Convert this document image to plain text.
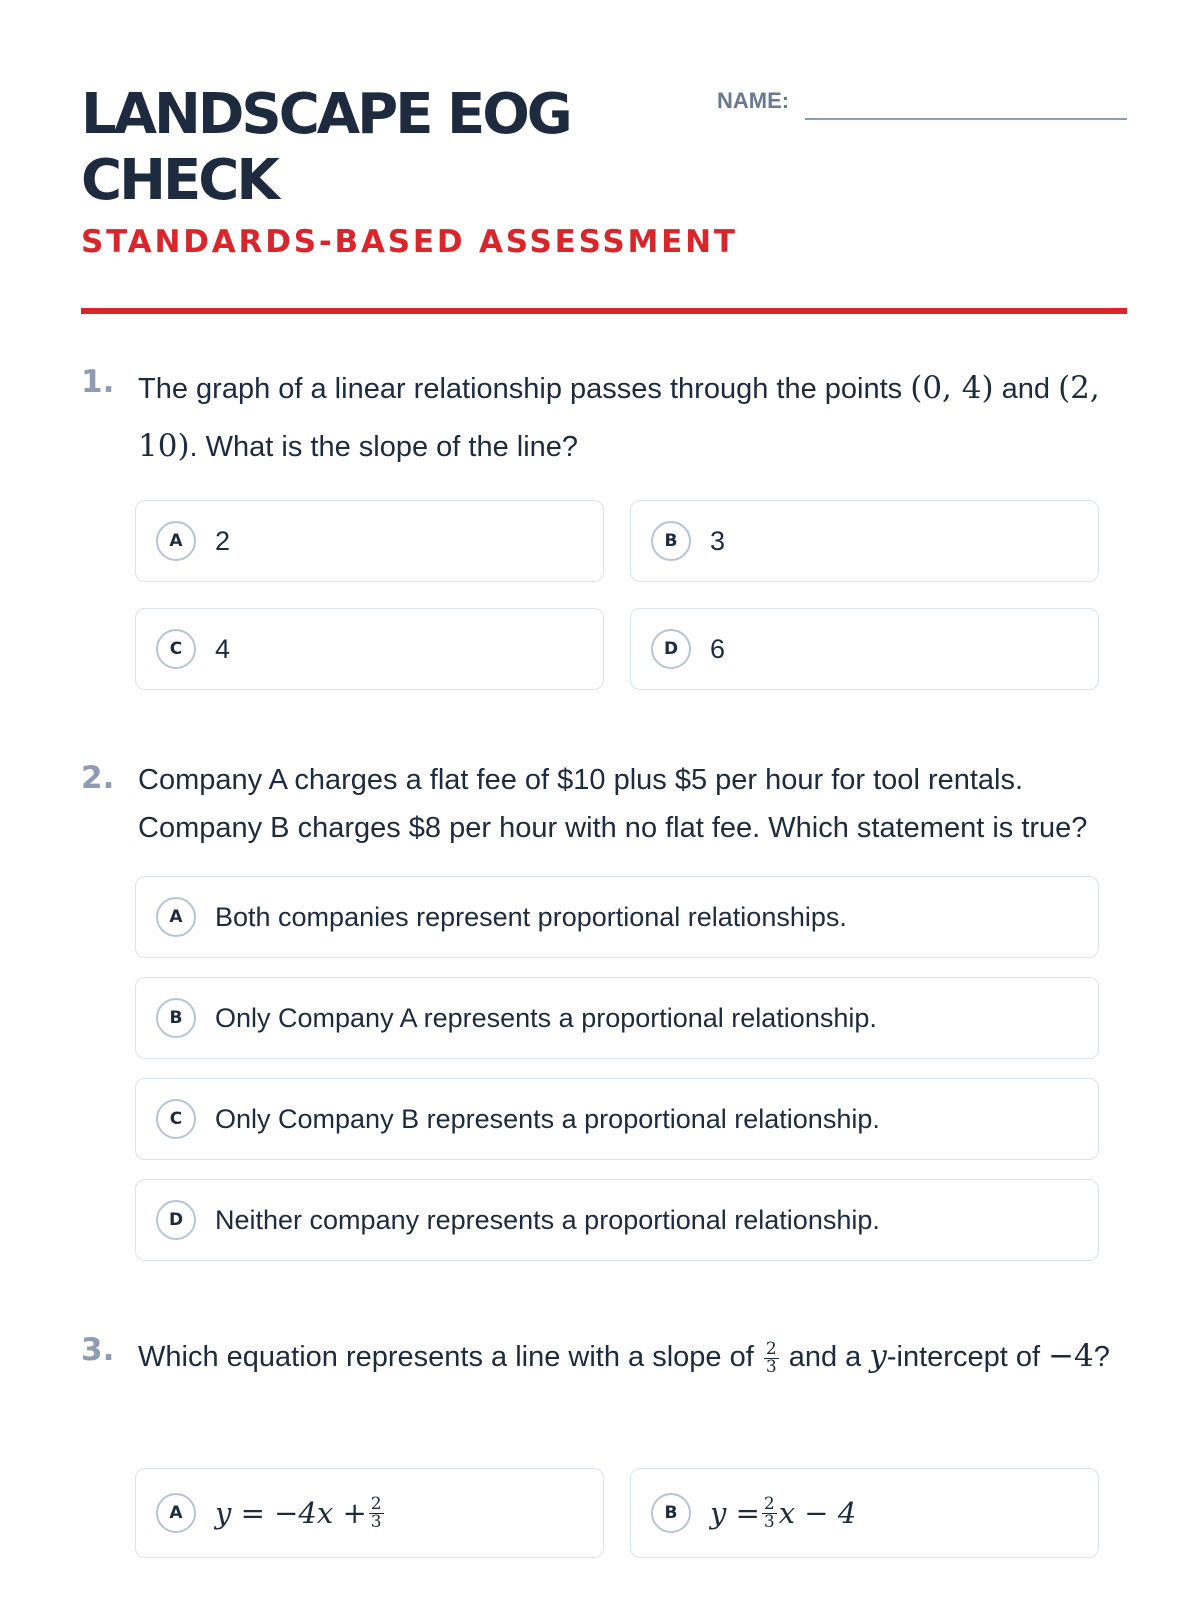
LANDSCAPE EOG CHECK
STANDARDS-BASED ASSESSMENT
NAME:
1. The graph of a linear relationship passes through the points (0, 4) and (2, 10). What is the slope of the line?
A	2	B	3
C	4	D	6
2. Company A charges a flat fee of $10 plus $5 per hour for tool rentals. Company B charges $8 per hour with no flat fee. Which statement is true?
A	Both companies represent proportional relationships.
B	Only Company A represents a proportional relationship.
C	Only Company B represents a proportional relationship.
D	Neither company represents a proportional relationship.
3. Which equation represents a line with a slope of $\frac{2}{3}$ and a y-intercept of −4?
A	$y = -4x + \frac{2}{3}$	B	$y = \frac{2}{3}$ x − 4
